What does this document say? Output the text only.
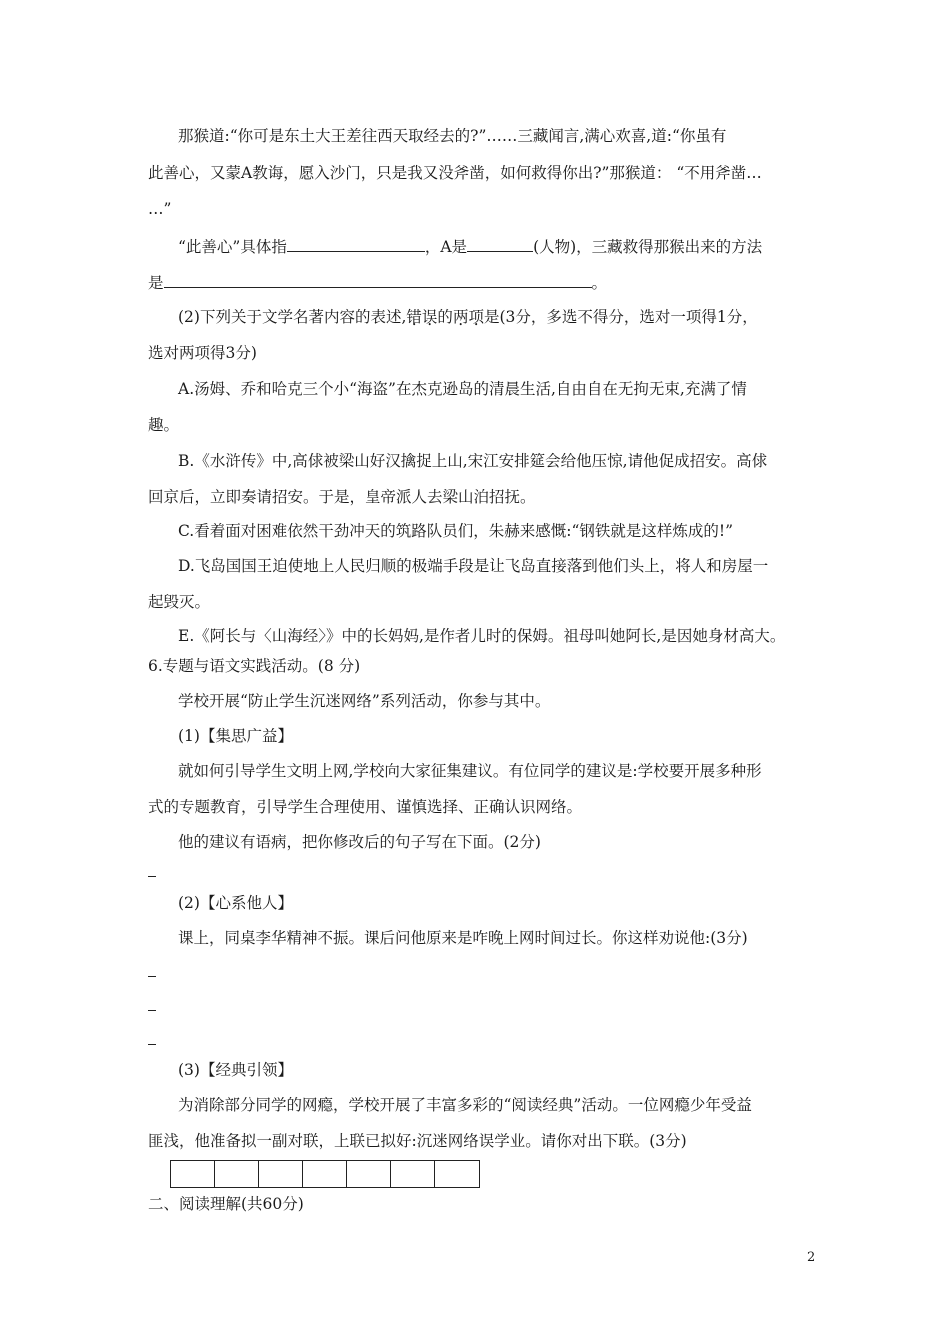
那猴道:“你可是东土大王差往西天取经去的?”……三藏闻言,满心欢喜,道:“你虽有
此善心，又蒙A教诲，愿入沙门，只是我又没斧凿，如何救得你出?”那猴道： “不用斧凿…
…”
“此善心”具体指	，A是	(人物)，三藏救得那猴出来的方法
是	。
(2)下列关于文学名著内容的表述,错误的两项是(3分，多选不得分，选对一项得1分，
选对两项得3分)
A.汤姆、乔和哈克三个小“海盗”在杰克逊岛的清晨生活,自由自在无拘无束,充满了情
趣。
B.《水浒传》中,高俅被梁山好汉擒捉上山,宋江安排筵会给他压惊,请他促成招安。高俅
回京后，立即奏请招安。于是，皇帝派人去梁山泊招抚。
C.看着面对困难依然干劲冲天的筑路队员们，朱赫来感慨:“钢铁就是这样炼成的!”
D.飞岛国国王迫使地上人民归顺的极端手段是让飞岛直接落到他们头上，将人和房屋一
起毁灭。
E.《阿长与〈山海经〉》中的长妈妈,是作者儿时的保姆。祖母叫她阿长,是因她身材高大。
6.专题与语文实践活动。(8 分)
学校开展“防止学生沉迷网络”系列活动，你参与其中。
(1)【集思广益】
就如何引导学生文明上网,学校向大家征集建议。有位同学的建议是:学校要开展多种形
式的专题教育，引导学生合理使用、谨慎选择、正确认识网络。
他的建议有语病，把你修改后的句子写在下面。(2分)
(2)【心系他人】
课上，同桌李华精神不振。课后问他原来是咋晚上网时间过长。你这样劝说他:(3分)
(3)【经典引领】
为消除部分同学的网瘾，学校开展了丰富多彩的“阅读经典”活动。一位网瘾少年受益
匪浅，他准备拟一副对联，上联已拟好:沉迷网络误学业。请你对出下联。(3分)
二、阅读理解(共60分)
2
